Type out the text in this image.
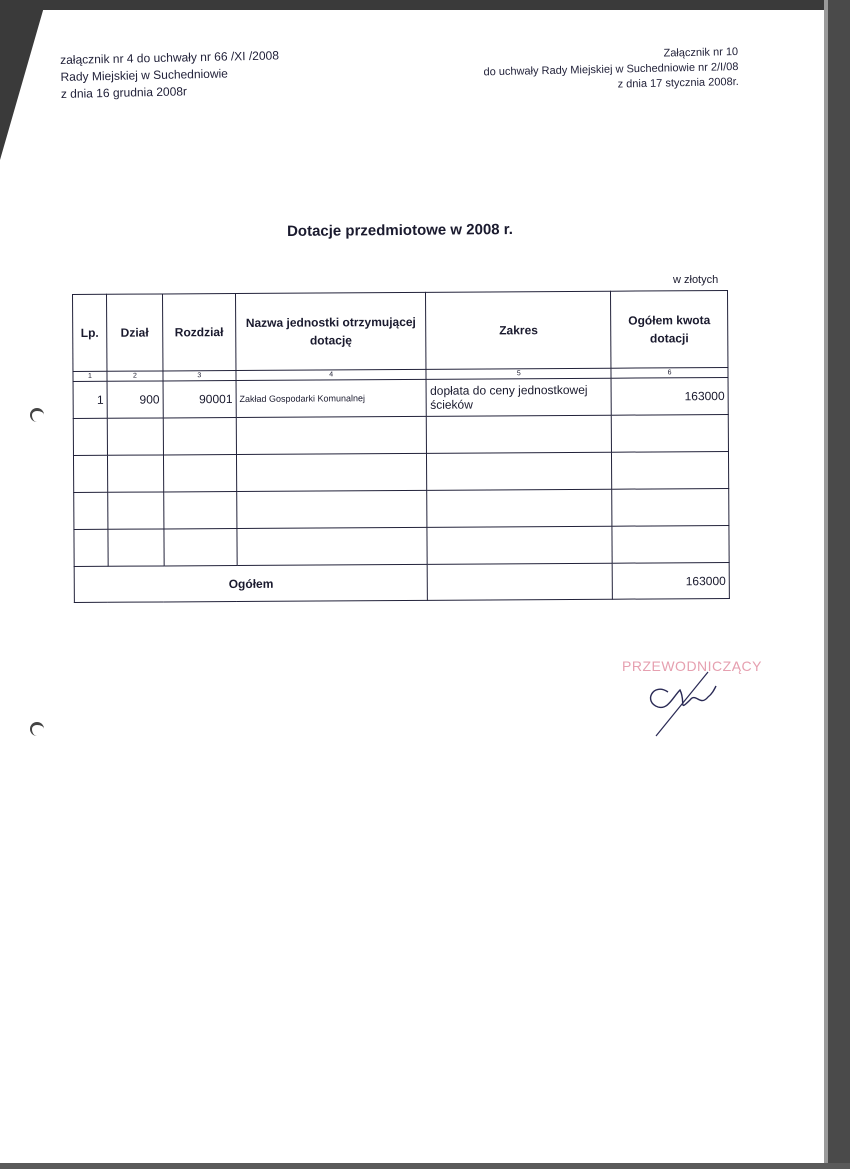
załącznik nr 4 do uchwały nr 66 /XI /2008
Rady Miejskiej w Suchedniowie
z dnia 16 grudnia 2008r
Załącznik nr 10
do uchwały Rady Miejskiej w Suchedniowie nr 2/I/08
z dnia 17 stycznia 2008r.
Dotacje przedmiotowe w 2008 r.
w złotych
Lp.	Dział	Rozdział	Nazwa jednostki otrzymującej dotację	Zakres	Ogółem kwota dotacji
1	2	3	4	5	6
1	900	90001	Zakład Gospodarki Komunalnej	dopłata do ceny jednostkowej ścieków	163000

Ogółem					163000
PRZEWODNICZĄCY
